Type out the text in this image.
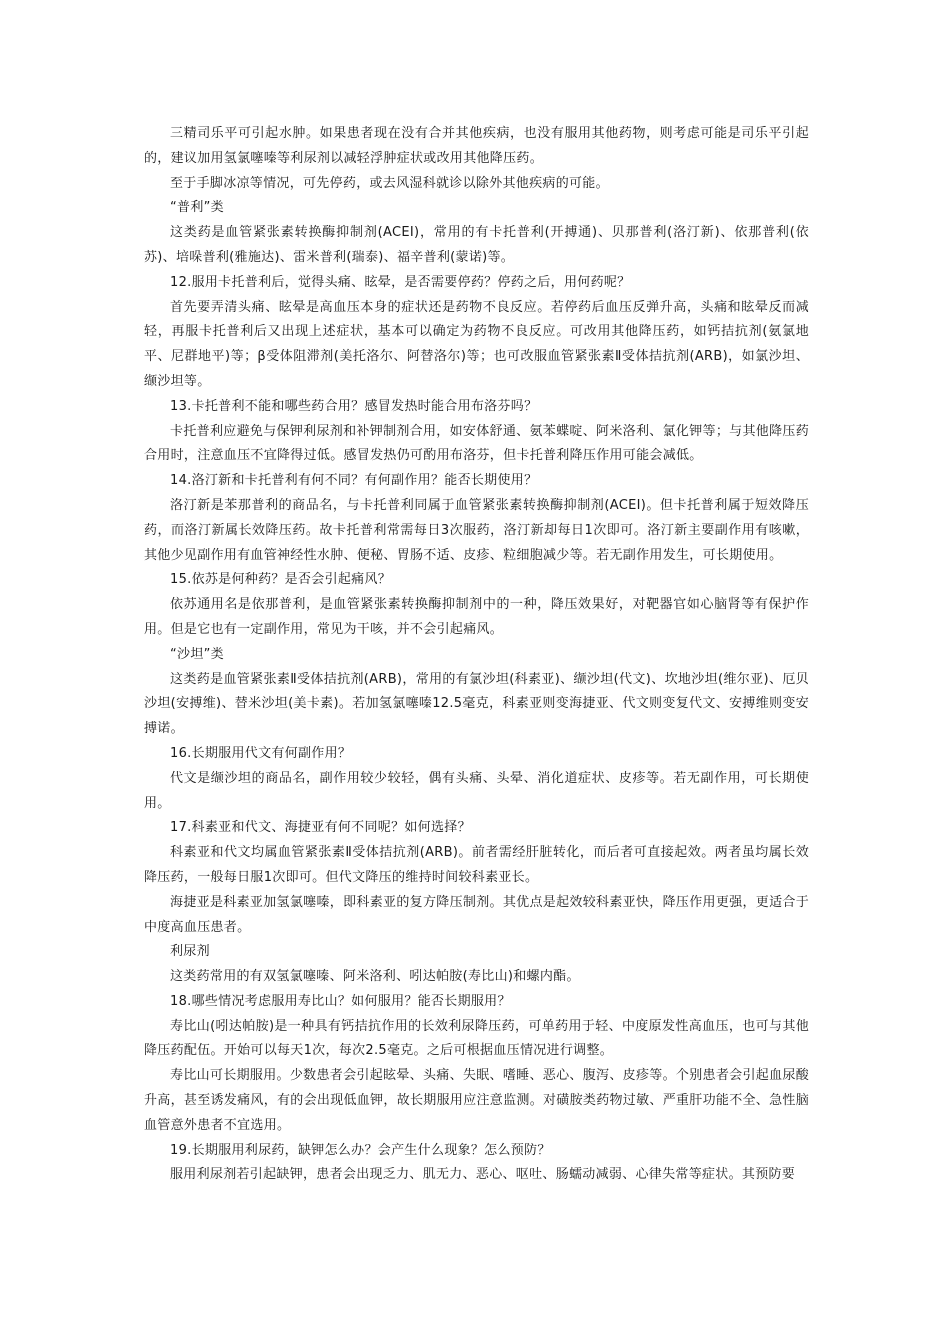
三精司乐平可引起水肿。如果患者现在没有合并其他疾病，也没有服用其他药物，则考虑可能是司乐平引起的，建议加用氢氯噻嗪等利尿剂以减轻浮肿症状或改用其他降压药。

至于手脚冰凉等情况，可先停药，或去风湿科就诊以除外其他疾病的可能。

“普利”类

这类药是血管紧张素转换酶抑制剂(ACEI)，常用的有卡托普利(开搏通)、贝那普利(洛汀新)、依那普利(依苏)、培哚普利(雅施达)、雷米普利(瑞泰)、福辛普利(蒙诺)等。

12.服用卡托普利后，觉得头痛、眩晕，是否需要停药？停药之后，用何药呢？

首先要弄清头痛、眩晕是高血压本身的症状还是药物不良反应。若停药后血压反弹升高，头痛和眩晕反而减轻，再服卡托普利后又出现上述症状，基本可以确定为药物不良反应。可改用其他降压药，如钙拮抗剂(氨氯地平、尼群地平)等；β受体阻滞剂(美托洛尔、阿替洛尔)等；也可改服血管紧张素Ⅱ受体拮抗剂(ARB)，如氯沙坦、缬沙坦等。

13.卡托普利不能和哪些药合用？感冒发热时能合用布洛芬吗？

卡托普利应避免与保钾利尿剂和补钾制剂合用，如安体舒通、氨苯蝶啶、阿米洛利、氯化钾等；与其他降压药合用时，注意血压不宜降得过低。感冒发热仍可酌用布洛芬，但卡托普利降压作用可能会减低。

14.洛汀新和卡托普利有何不同？有何副作用？能否长期使用？

洛汀新是苯那普利的商品名，与卡托普利同属于血管紧张素转换酶抑制剂(ACEI)。但卡托普利属于短效降压药，而洛汀新属长效降压药。故卡托普利常需每日3次服药，洛汀新却每日1次即可。洛汀新主要副作用有咳嗽，其他少见副作用有血管神经性水肿、便秘、胃肠不适、皮疹、粒细胞减少等。若无副作用发生，可长期使用。

15.依苏是何种药？是否会引起痛风？

依苏通用名是依那普利，是血管紧张素转换酶抑制剂中的一种，降压效果好，对靶器官如心脑肾等有保护作用。但是它也有一定副作用，常见为干咳，并不会引起痛风。

“沙坦”类

这类药是血管紧张素Ⅱ受体拮抗剂(ARB)，常用的有氯沙坦(科素亚)、缬沙坦(代文)、坎地沙坦(维尔亚)、厄贝沙坦(安搏维)、替米沙坦(美卡素)。若加氢氯噻嗪12.5毫克，科素亚则变海捷亚、代文则变复代文、安搏维则变安搏诺。

16.长期服用代文有何副作用？

代文是缬沙坦的商品名，副作用较少较轻，偶有头痛、头晕、消化道症状、皮疹等。若无副作用，可长期使用。

17.科素亚和代文、海捷亚有何不同呢？如何选择？

科素亚和代文均属血管紧张素Ⅱ受体拮抗剂(ARB)。前者需经肝脏转化，而后者可直接起效。两者虽均属长效降压药，一般每日服1次即可。但代文降压的维持时间较科素亚长。

海捷亚是科素亚加氢氯噻嗪，即科素亚的复方降压制剂。其优点是起效较科素亚快，降压作用更强，更适合于中度高血压患者。

利尿剂

这类药常用的有双氢氯噻嗪、阿米洛利、吲达帕胺(寿比山)和螺内酯。

18.哪些情况考虑服用寿比山？如何服用？能否长期服用？

寿比山(吲达帕胺)是一种具有钙拮抗作用的长效利尿降压药，可单药用于轻、中度原发性高血压，也可与其他降压药配伍。开始可以每天1次，每次2.5毫克。之后可根据血压情况进行调整。

寿比山可长期服用。少数患者会引起眩晕、头痛、失眠、嗜睡、恶心、腹泻、皮疹等。个别患者会引起血尿酸升高，甚至诱发痛风，有的会出现低血钾，故长期服用应注意监测。对磺胺类药物过敏、严重肝功能不全、急性脑血管意外患者不宜选用。

19.长期服用利尿药，缺钾怎么办？会产生什么现象？怎么预防？

服用利尿剂若引起缺钾，患者会出现乏力、肌无力、恶心、呕吐、肠蠕动减弱、心律失常等症状。其预防要
